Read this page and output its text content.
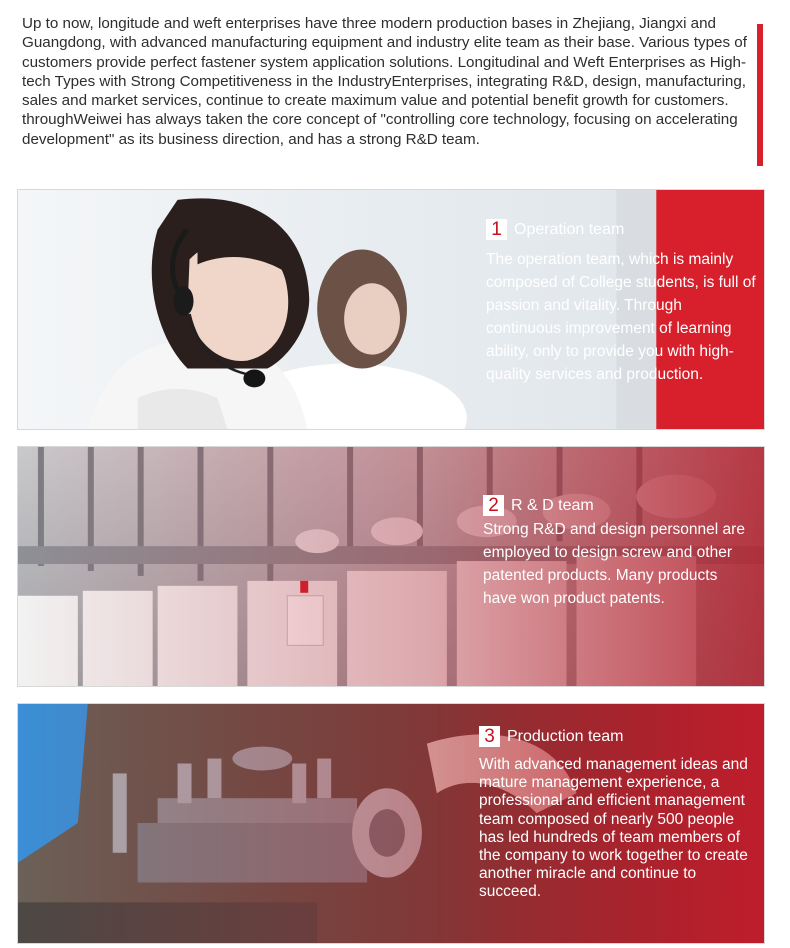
Up to now, longitude and weft enterprises have three modern production bases in Zhejiang, Jiangxi and Guangdong, with advanced manufacturing equipment and industry elite team as their base. Various types of customers provide perfect fastener system application solutions. Longitudinal and Weft Enterprises as High-tech Types with Strong Competitiveness in the IndustryEnterprises, integrating R&D, design, manufacturing, sales and market services, continue to create maximum value and potential benefit growth for customers. throughWeiwei has always taken the core concept of "controlling core technology, focusing on accelerating development" as its business direction, and has a strong R&D team.

1 Operation team

The operation team, which is mainly composed of College students, is full of passion and vitality. Through continuous improvement of learning ability, only to provide you with high-quality services and production.

2 R & D team

Strong R&D and design personnel are employed to design screw and other patented products. Many products have won product patents.

3 Production team

With advanced management ideas and mature management experience, a professional and efficient management team composed of nearly 500 people has led hundreds of team members of the company to work together to create another miracle and continue to succeed.
